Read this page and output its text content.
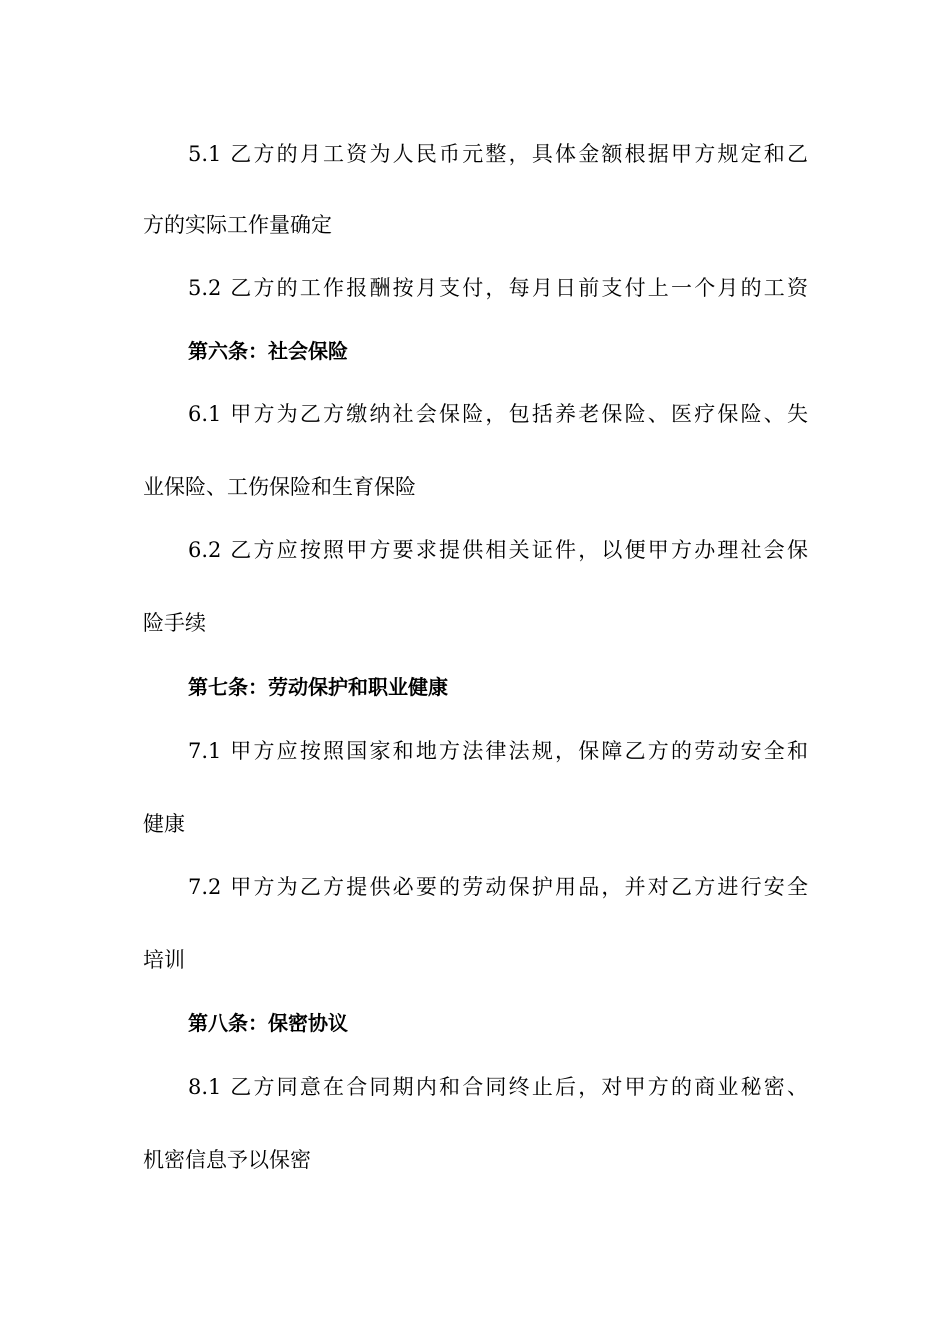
5.1 乙方的月工资为人民币元整，具体金额根据甲方规定和乙
方的实际工作量确定
5.2 乙方的工作报酬按月支付，每月日前支付上一个月的工资
第六条：社会保险
6.1 甲方为乙方缴纳社会保险，包括养老保险、医疗保险、失
业保险、工伤保险和生育保险
6.2 乙方应按照甲方要求提供相关证件，以便甲方办理社会保
险手续
第七条：劳动保护和职业健康
7.1 甲方应按照国家和地方法律法规，保障乙方的劳动安全和
健康
7.2 甲方为乙方提供必要的劳动保护用品，并对乙方进行安全
培训
第八条：保密协议
8.1 乙方同意在合同期内和合同终止后，对甲方的商业秘密、
机密信息予以保密
